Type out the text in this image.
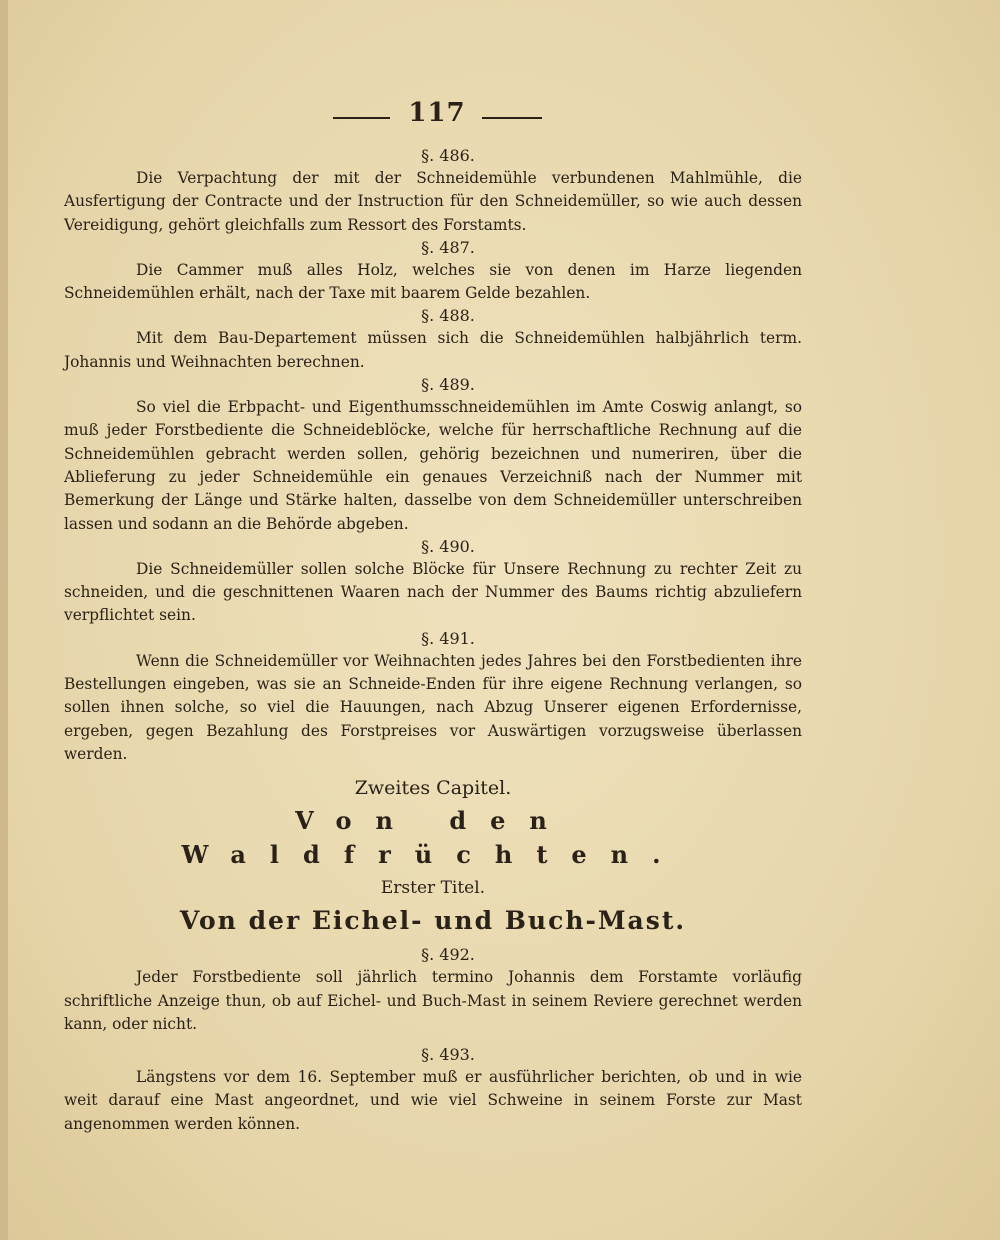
117

§. 486.

Die Verpachtung der mit der Schneidemühle verbundenen Mahlmühle, die Ausfertigung der Contracte und der Instruction für den Schneidemüller, so wie auch dessen Vereidigung, gehört gleichfalls zum Ressort des Forstamts.

§. 487.

Die Cammer muß alles Holz, welches sie von denen im Harze liegenden Schneidemühlen erhält, nach der Taxe mit baarem Gelde bezahlen.

§. 488.

Mit dem Bau-Departement müssen sich die Schneidemühlen halbjährlich term. Johannis und Weihnachten berechnen.

§. 489.

So viel die Erbpacht- und Eigenthumsschneidemühlen im Amte Coswig anlangt, so muß jeder Forstbediente die Schneideblöcke, welche für herrschaftliche Rechnung auf die Schneidemühlen gebracht werden sollen, gehörig bezeichnen und numeriren, über die Ablieferung zu jeder Schneidemühle ein genaues Verzeichniß nach der Nummer mit Bemerkung der Länge und Stärke halten, dasselbe von dem Schneidemüller unterschreiben lassen und sodann an die Behörde abgeben.

§. 490.

Die Schneidemüller sollen solche Blöcke für Unsere Rechnung zu rechter Zeit zu schneiden, und die geschnittenen Waaren nach der Nummer des Baums richtig abzuliefern verpflichtet sein.

§. 491.

Wenn die Schneidemüller vor Weihnachten jedes Jahres bei den Forstbedienten ihre Bestellungen eingeben, was sie an Schneide-Enden für ihre eigene Rechnung verlangen, so sollen ihnen solche, so viel die Hauungen, nach Abzug Unserer eigenen Erfordernisse, ergeben, gegen Bezahlung des Forstpreises vor Auswärtigen vorzugsweise überlassen werden.

Zweites Capitel.

Von den Waldfrüchten.

Erster Titel.

Von der Eichel- und Buch-Mast.

§. 492.

Jeder Forstbediente soll jährlich termino Johannis dem Forstamte vorläufig schriftliche Anzeige thun, ob auf Eichel- und Buch-Mast in seinem Reviere gerechnet werden kann, oder nicht.

§. 493.

Längstens vor dem 16. September muß er ausführlicher berichten, ob und in wie weit darauf eine Mast angeordnet, und wie viel Schweine in seinem Forste zur Mast angenommen werden können.
